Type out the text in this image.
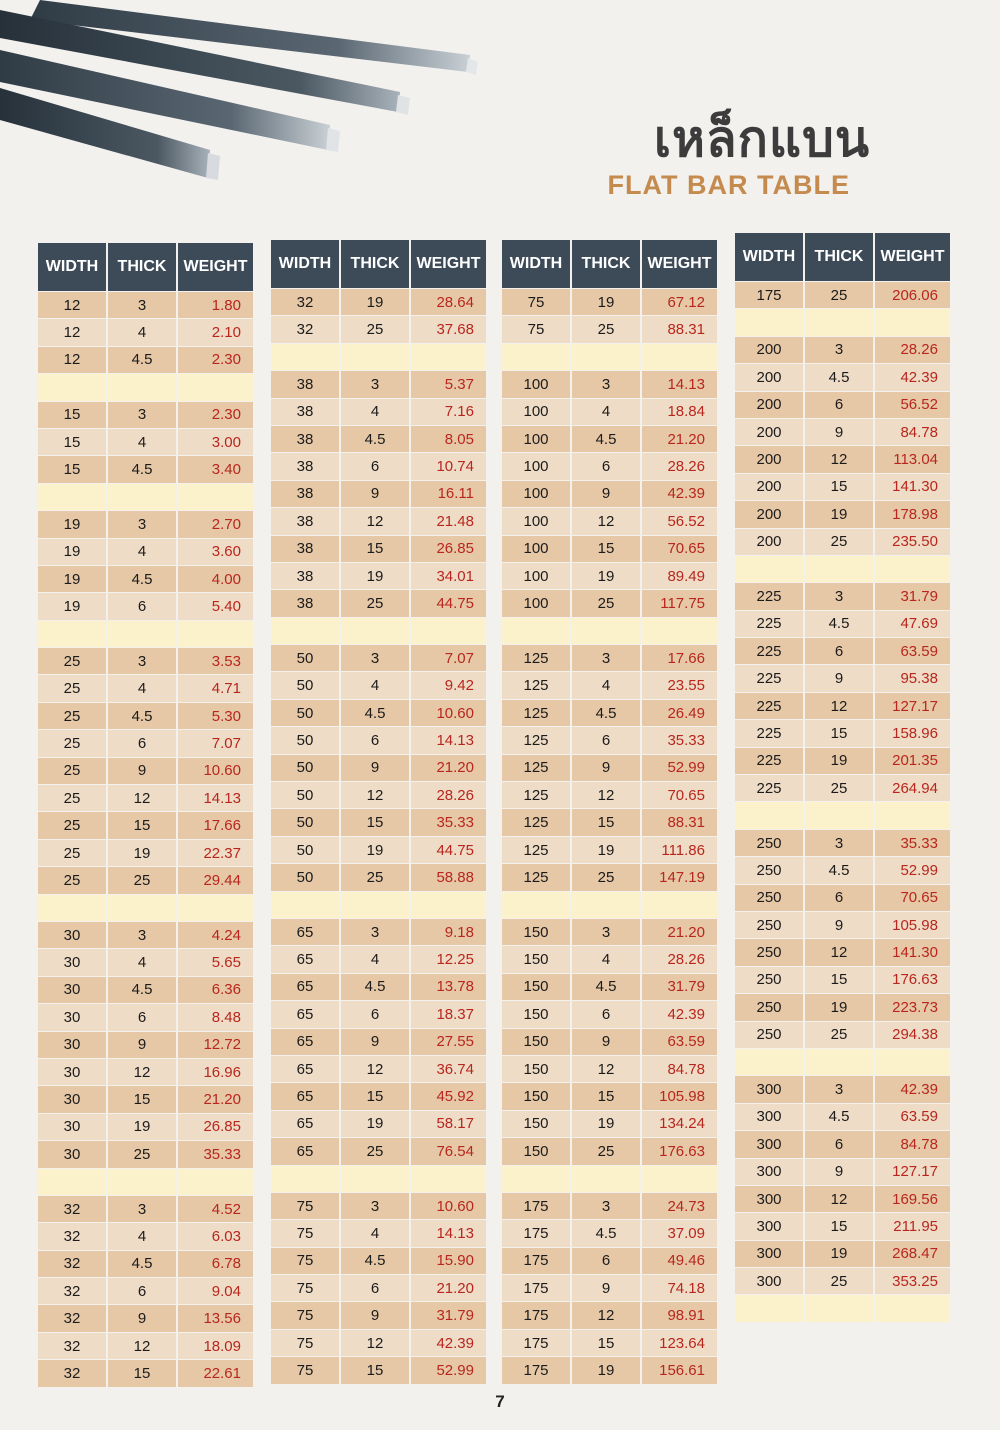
เหล็กแบน
FLAT BAR TABLE
WIDTH	THICK	WEIGHT
12	3	1.80
12	4	2.10
12	4.5	2.30
15	3	2.30
15	4	3.00
15	4.5	3.40
19	3	2.70
19	4	3.60
19	4.5	4.00
19	6	5.40
25	3	3.53
25	4	4.71
25	4.5	5.30
25	6	7.07
25	9	10.60
25	12	14.13
25	15	17.66
25	19	22.37
25	25	29.44
30	3	4.24
30	4	5.65
30	4.5	6.36
30	6	8.48
30	9	12.72
30	12	16.96
30	15	21.20
30	19	26.85
30	25	35.33
32	3	4.52
32	4	6.03
32	4.5	6.78
32	6	9.04
32	9	13.56
32	12	18.09
32	15	22.61
WIDTH	THICK	WEIGHT
32	19	28.64
32	25	37.68
38	3	5.37
38	4	7.16
38	4.5	8.05
38	6	10.74
38	9	16.11
38	12	21.48
38	15	26.85
38	19	34.01
38	25	44.75
50	3	7.07
50	4	9.42
50	4.5	10.60
50	6	14.13
50	9	21.20
50	12	28.26
50	15	35.33
50	19	44.75
50	25	58.88
65	3	9.18
65	4	12.25
65	4.5	13.78
65	6	18.37
65	9	27.55
65	12	36.74
65	15	45.92
65	19	58.17
65	25	76.54
75	3	10.60
75	4	14.13
75	4.5	15.90
75	6	21.20
75	9	31.79
75	12	42.39
75	15	52.99
WIDTH	THICK	WEIGHT
75	19	67.12
75	25	88.31
100	3	14.13
100	4	18.84
100	4.5	21.20
100	6	28.26
100	9	42.39
100	12	56.52
100	15	70.65
100	19	89.49
100	25	117.75
125	3	17.66
125	4	23.55
125	4.5	26.49
125	6	35.33
125	9	52.99
125	12	70.65
125	15	88.31
125	19	111.86
125	25	147.19
150	3	21.20
150	4	28.26
150	4.5	31.79
150	6	42.39
150	9	63.59
150	12	84.78
150	15	105.98
150	19	134.24
150	25	176.63
175	3	24.73
175	4.5	37.09
175	6	49.46
175	9	74.18
175	12	98.91
175	15	123.64
175	19	156.61
WIDTH	THICK	WEIGHT
175	25	206.06
200	3	28.26
200	4.5	42.39
200	6	56.52
200	9	84.78
200	12	113.04
200	15	141.30
200	19	178.98
200	25	235.50
225	3	31.79
225	4.5	47.69
225	6	63.59
225	9	95.38
225	12	127.17
225	15	158.96
225	19	201.35
225	25	264.94
250	3	35.33
250	4.5	52.99
250	6	70.65
250	9	105.98
250	12	141.30
250	15	176.63
250	19	223.73
250	25	294.38
300	3	42.39
300	4.5	63.59
300	6	84.78
300	9	127.17
300	12	169.56
300	15	211.95
300	19	268.47
300	25	353.25
7
